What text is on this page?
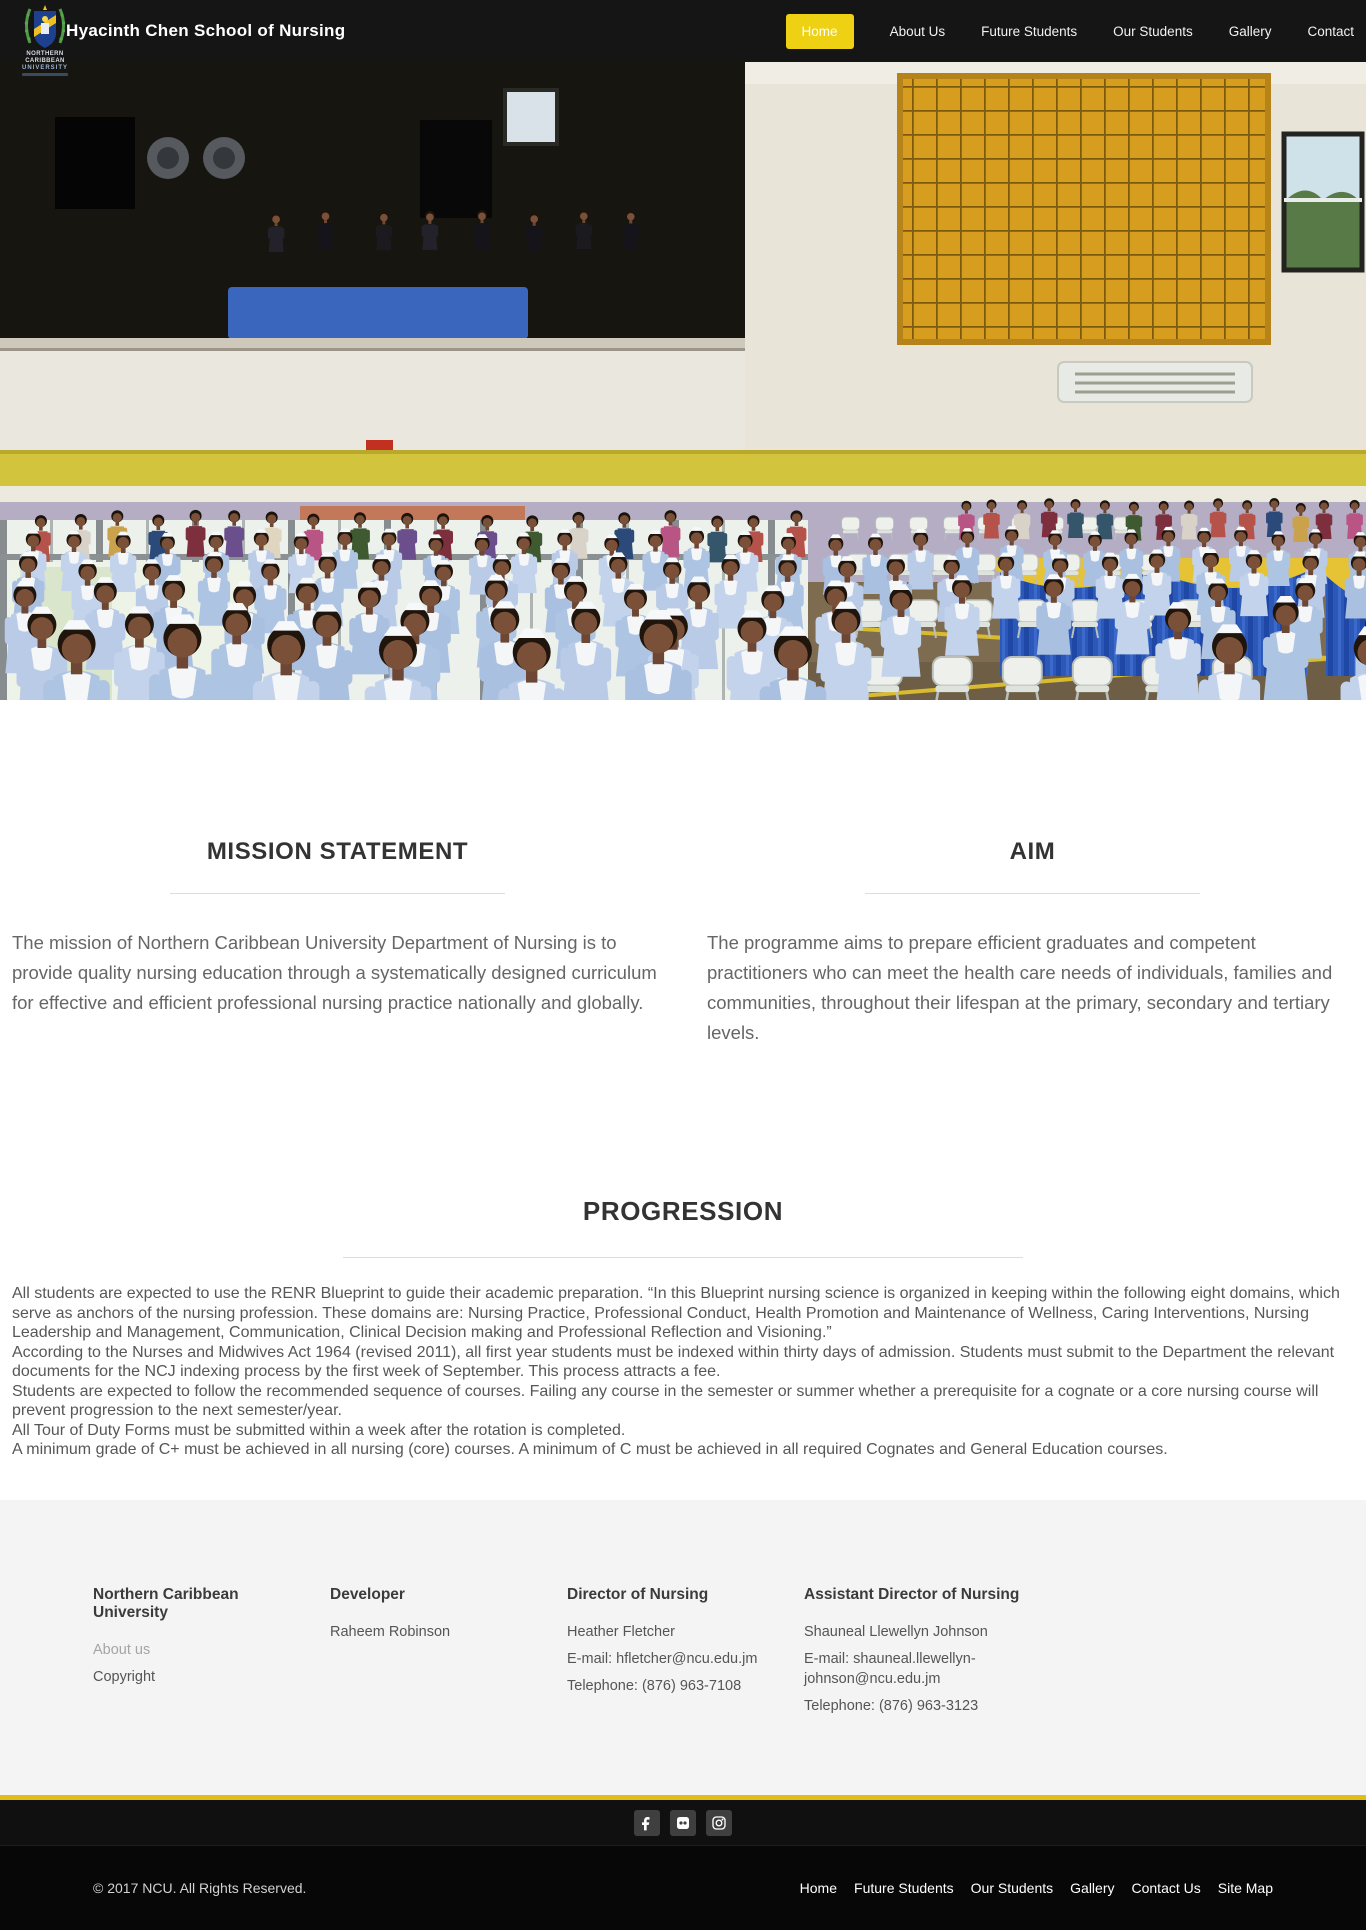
NORTHERN CARIBBEAN
UNIVERSITY
Hyacinth Chen School of Nursing	Home	About Us	Future Students	Our Students	Gallery	Contact
MISSION STATEMENT

The mission of Northern Caribbean University Department of Nursing is to provide quality nursing education through a systematically designed curriculum for effective and efficient professional nursing practice nationally and globally.

AIM

The programme aims to prepare efficient graduates and competent practitioners who can meet the health care needs of individuals, families and communities, throughout their lifespan at the primary, secondary and tertiary levels.

PROGRESSION

All students are expected to use the RENR Blueprint to guide their academic preparation. “In this Blueprint nursing science is organized in keeping within the following eight domains, which serve as anchors of the nursing profession. These domains are: Nursing Practice, Professional Conduct, Health Promotion and Maintenance of Wellness, Caring Interventions, Nursing Leadership and Management, Communication, Clinical Decision making and Professional Reflection and Visioning.”

According to the Nurses and Midwives Act 1964 (revised 2011), all first year students must be indexed within thirty days of admission. Students must submit to the Department the relevant documents for the NCJ indexing process by the first week of September. This process attracts a fee.

Students are expected to follow the recommended sequence of courses. Failing any course in the semester or summer whether a prerequisite for a cognate or a core nursing course will prevent progression to the next semester/year.

All Tour of Duty Forms must be submitted within a week after the rotation is completed.

A minimum grade of C+ must be achieved in all nursing (core) courses. A minimum of C must be achieved in all required Cognates and General Education courses.

Northern Caribbean University
About us
Copyright
Developer
Raheem Robinson
Director of Nursing
Heather Fletcher
E-mail: hfletcher@ncu.edu.jm
Telephone: (876) 963-7108
Assistant Director of Nursing
Shauneal Llewellyn Johnson
E-mail: shauneal.llewellyn-johnson@ncu.edu.jm
Telephone: (876) 963-3123
© 2017 NCU. All Rights Reserved.	Home Future Students Our Students Gallery Contact Us Site Map
